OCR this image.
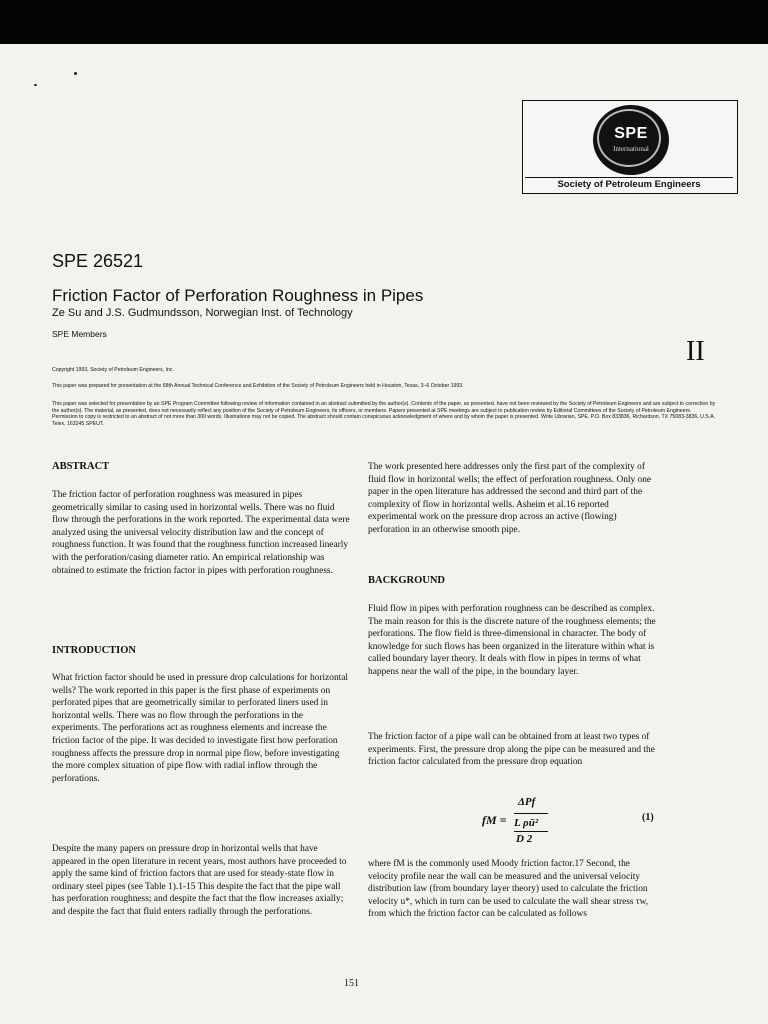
SPE
International
Society of Petroleum Engineers
SPE 26521
Friction Factor of Perforation Roughness in Pipes
Ze Su and J.S. Gudmundsson, Norwegian Inst. of Technology
SPE Members
II
Copyright 1993, Society of Petroleum Engineers, Inc.
This paper was prepared for presentation at the 68th Annual Technical Conference and Exhibition of the Society of Petroleum Engineers held in Houston, Texas, 3–6 October 1993.
This paper was selected for presentation by an SPE Program Committee following review of information contained in an abstract submitted by the author(s). Contents of the paper, as presented, have not been reviewed by the Society of Petroleum Engineers and are subject to correction by the author(s). The material, as presented, does not necessarily reflect any position of the Society of Petroleum Engineers, its officers, or members. Papers presented at SPE meetings are subject to publication review by Editorial Committees of the Society of Petroleum Engineers. Permission to copy is restricted to an abstract of not more than 300 words. Illustrations may not be copied. The abstract should contain conspicuous acknowledgment of where and by whom the paper is presented. Write Librarian, SPE, P.O. Box 833836, Richardson, TX 75083-3836, U.S.A. Telex, 163245 SPEUT.
ABSTRACT
The friction factor of perforation roughness was measured in pipes geometrically similar to casing used in horizontal wells. There was no fluid flow through the perforations in the work reported. The experimental data were analyzed using the universal velocity distribution law and the concept of roughness function. It was found that the roughness function increased linearly with the perforation/casing diameter ratio. An empirical relationship was obtained to estimate the friction factor in pipes with perforation roughness.
INTRODUCTION
What friction factor should be used in pressure drop calculations for horizontal wells? The work reported in this paper is the first phase of experiments on perforated pipes that are geometrically similar to perforated liners used in horizontal wells. There was no flow through the perforations in the experiments. The perforations act as roughness elements and increase the friction factor of the pipe. It was decided to investigate first how perforation roughness affects the pressure drop in normal pipe flow, before investigating the more complex situation of pipe flow with radial inflow through the perforations.
Despite the many papers on pressure drop in horizontal wells that have appeared in the open literature in recent years, most authors have proceeded to apply the same kind of friction factors that are used for steady-state flow in ordinary steel pipes (see Table 1).1-15 This despite the fact that the pipe wall has perforation roughness; and despite the fact that the flow increases axially; and despite the fact that fluid enters radially through the perforations.
The work presented here addresses only the first part of the complexity of fluid flow in horizontal wells; the effect of perforation roughness. Only one paper in the open literature has addressed the second and third part of the complexity of flow in horizontal wells. Asheim et al.16 reported experimental work on the pressure drop across an active (flowing) perforation in an otherwise smooth pipe.
BACKGROUND
Fluid flow in pipes with perforation roughness can be described as complex. The main reason for this is the discrete nature of the roughness elements; the perforations. The flow field is three-dimensional in character. The body of knowledge for such flows has been organized in the literature within what is called boundary layer theory. It deals with flow in pipes in terms of what happens near the wall of the pipe, in the boundary layer.
The friction factor of a pipe wall can be obtained from at least two types of experiments. First, the pressure drop along the pipe can be measured and the friction factor calculated from the pressure drop equation
fM =
ΔPf
L ρū²
D 2
(1)
where fM is the commonly used Moody friction factor.17 Second, the velocity profile near the wall can be measured and the universal velocity distribution law (from boundary layer theory) used to calculate the friction velocity u*, which in turn can be used to calculate the wall shear stress τw, from which the friction factor can be calculated as follows
151
